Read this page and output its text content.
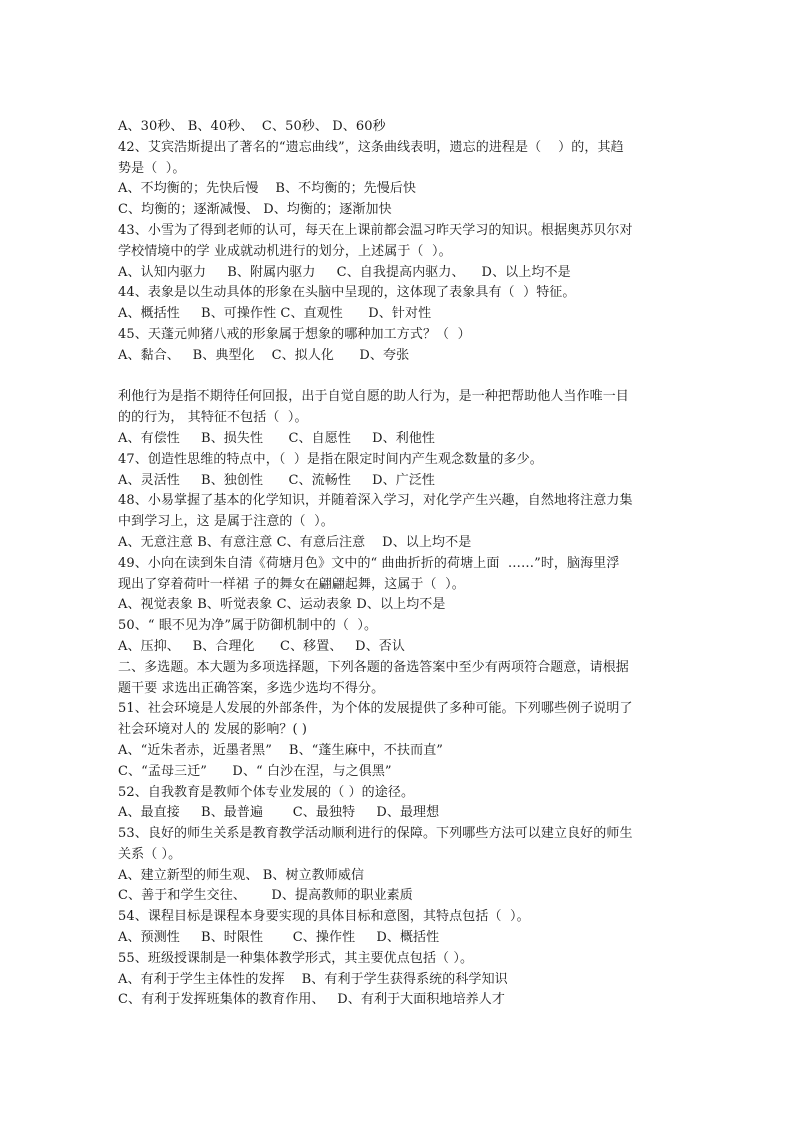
A、30秒、 B、40秒、  C、50秒、 D、60秒
42、艾宾浩斯提出了著名的“遗忘曲线”，这条曲线表明，遗忘的进程是（    ）的，其趋
势是（  ）。
A、不均衡的；先快后慢    B、不均衡的；先慢后快
C、均衡的；逐渐减慢、 D、均衡的；逐渐加快
43、小雪为了得到老师的认可，每天在上课前都会温习昨天学习的知识。根据奥苏贝尔对
学校情境中的学 业成就动机进行的划分，上述属于（  ）。
A、认知内驱力     B、附属内驱力     C、自我提高内驱力、    D、以上均不是
44、表象是以生动具体的形象在头脑中呈现的，这体现了表象具有（  ）特征。
A、概括性     B、可操作性 C、直观性      D、针对性
45、天蓬元帅猪八戒的形象属于想象的哪种加工方式？（  ）
A、黏合、   B、典型化    C、拟人化      D、夸张
利他行为是指不期待任何回报，出于自觉自愿的助人行为，是一种把帮助他人当作唯一目
的的行为， 其特征不包括（  ）。
A、有偿性     B、损失性      C、自愿性     D、利他性
47、创造性思维的特点中，（  ）是指在限定时间内产生观念数量的多少。
A、灵活性     B、独创性      C、流畅性     D、广泛性
48、小易掌握了基本的化学知识，并随着深入学习，对化学产生兴趣，自然地将注意力集
中到学习上，这 是属于注意的（  ）。
A、无意注意 B、有意注意 C、有意后注意    D、以上均不是
49、小向在读到朱自清《荷塘月色》文中的“ 曲曲折折的荷塘上面  ……”时，脑海里浮
现出了穿着荷叶一样裙 子的舞女在翩翩起舞，这属于（  ）。
A、视觉表象 B、听觉表象 C、运动表象 D、以上均不是
50、“ 眼不见为净”属于防御机制中的（  ）。
A、压抑、   B、合理化      C、移置、   D、否认
二、多选题。本大题为多项选择题，下列各题的备选答案中至少有两项符合题意，请根据
题干要 求选出正确答案，多选少选均不得分。
51、社会环境是人发展的外部条件，为个体的发展提供了多种可能。下列哪些例子说明了
社会环境对人的 发展的影响？( )
A、“近朱者赤，近墨者黑”    B、“蓬生麻中，不扶而直”
C、“孟母三迁”      D、“ 白沙在涅，与之俱黑”
52、自我教育是教师个体专业发展的（ ）的途径。
A、最直接     B、最普遍       C、最独特     D、最理想
53、良好的师生关系是教育教学活动顺利进行的保障。下列哪些方法可以建立良好的师生
关系（ ）。
A、建立新型的师生观、 B、树立教师威信
C、善于和学生交往、      D、提高教师的职业素质
54、课程目标是课程本身要实现的具体目标和意图，其特点包括（  ）。
A、预测性     B、时限性       C、操作性     D、概括性
55、班级授课制是一种集体教学形式，其主要优点包括（ ）。
A、有利于学生主体性的发挥    B、有利于学生获得系统的科学知识
C、有利于发挥班集体的教育作用、   D、有利于大面积地培养人才
